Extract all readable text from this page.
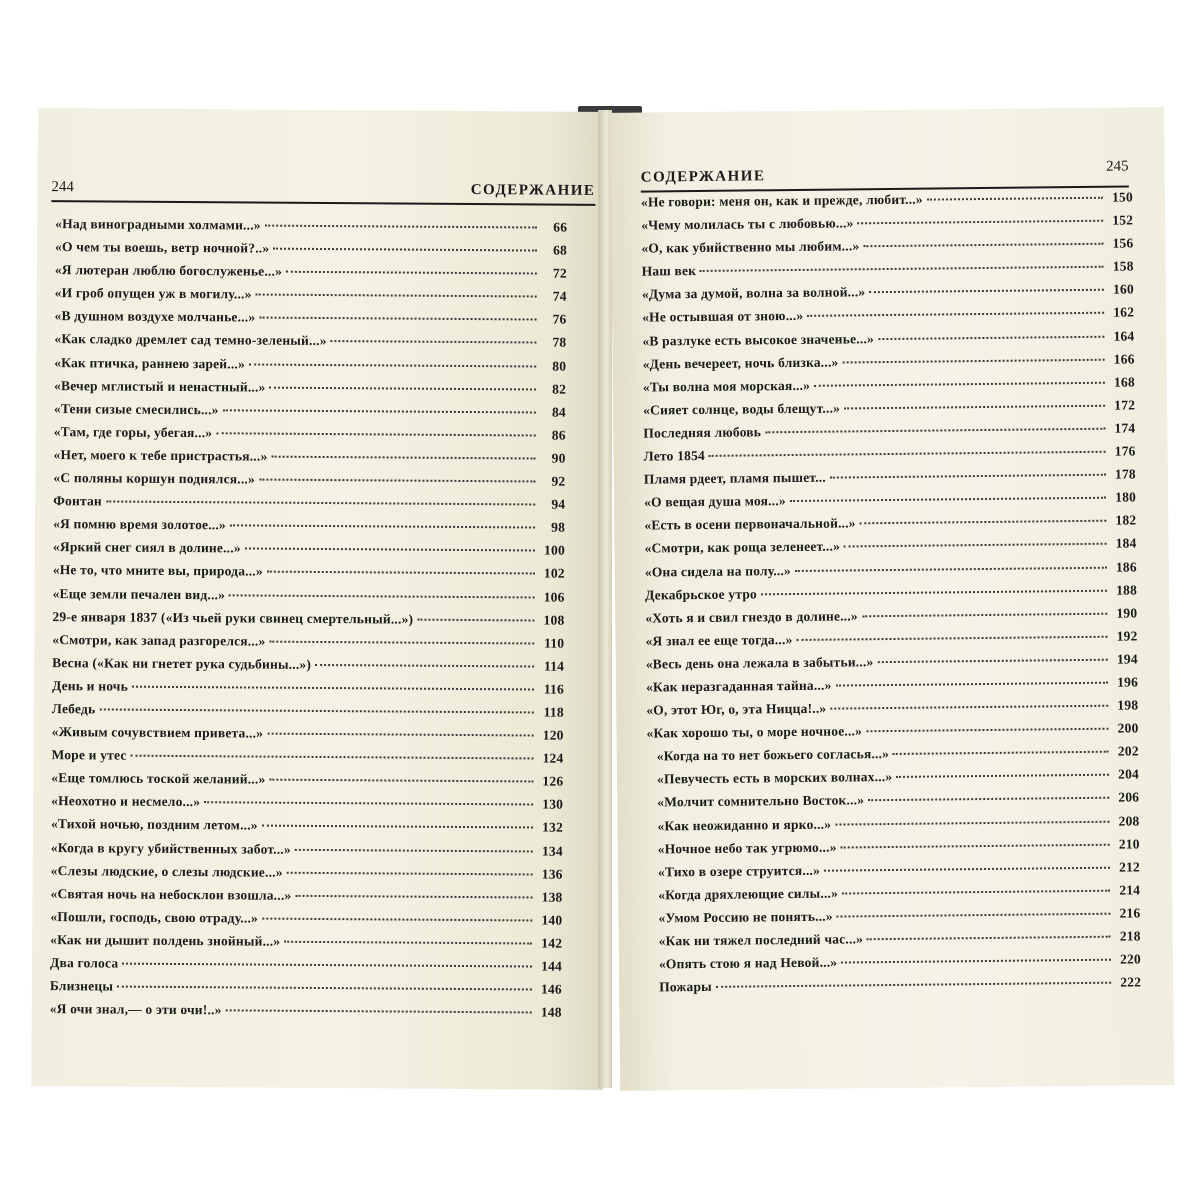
244	СОДЕРЖАНИЕ
«Над виноградными холмами...»	66
«О чем ты воешь, ветр ночной?..»	68
«Я лютеран люблю богослуженье...»	72
«И гроб опущен уж в могилу...»	74
«В душном воздухе молчанье...»	76
«Как сладко дремлет сад темно-зеленый...»	78
«Как птичка, раннею зарей...»	80
«Вечер мглистый и ненастный...»	82
«Тени сизые смесились...»	84
«Там, где горы, убегая...»	86
«Нет, моего к тебе пристрастья...»	90
«С поляны коршун поднялся...»	92
Фонтан	94
«Я помню время золотое...»	98
«Яркий снег сиял в долине...»	100
«Не то, что мните вы, природа...»	102
«Еще земли печален вид...»	106
29-е января 1837 («Из чьей руки свинец смертельный...»)	108
«Смотри, как запад разгорелся...»	110
Весна («Как ни гнетет рука судьбины...»)	114
День и ночь	116
Лебедь	118
«Живым сочувствием привета...»	120
Море и утес	124
«Еще томлюсь тоской желаний...»	126
«Неохотно и несмело...»	130
«Тихой ночью, поздним летом...»	132
«Когда в кругу убийственных забот...»	134
«Слезы людские, о слезы людские...»	136
«Святая ночь на небосклон взошла...»	138
«Пошли, господь, свою отраду...»	140
«Как ни дышит полдень знойный...»	142
Два голоса	144
Близнецы	146
«Я очи знал,— о эти очи!..»	148
СОДЕРЖАНИЕ
245
«Не говори: меня он, как и прежде, любит...»	150
«Чему молилась ты с любовью...»	152
«О, как убийственно мы любим...»	156
Наш век	158
«Дума за думой, волна за волной...»	160
«Не остывшая от зною...»	162
«В разлуке есть высокое значенье...»	164
«День вечереет, ночь близка...»	166
«Ты волна моя морская...»	168
«Сияет солнце, воды блещут...»	172
Последняя любовь	174
Лето 1854	176
Пламя рдеет, пламя пышет...	178
«О вещая душа моя...»	180
«Есть в осени первоначальной...»	182
«Смотри, как роща зеленеет...»	184
«Она сидела на полу...»	186
Декабрьское утро	188
«Хоть я и свил гнездо в долине...»	190
«Я знал ее еще тогда...»	192
«Весь день она лежала в забытьи...»	194
«Как неразгаданная тайна...»	196
«О, этот Юг, о, эта Ницца!..»	198
«Как хорошо ты, о море ночное...»	200
«Когда на то нет божьего согласья...»	202
«Певучесть есть в морских волнах...»	204
«Молчит сомнительно Восток...»	206
«Как неожиданно и ярко...»	208
«Ночное небо так угрюмо...»	210
«Тихо в озере струится...»	212
«Когда дряхлеющие силы...»	214
«Умом Россию не понять...»	216
«Как ни тяжел последний час...»	218
«Опять стою я над Невой...»	220
Пожары	222
